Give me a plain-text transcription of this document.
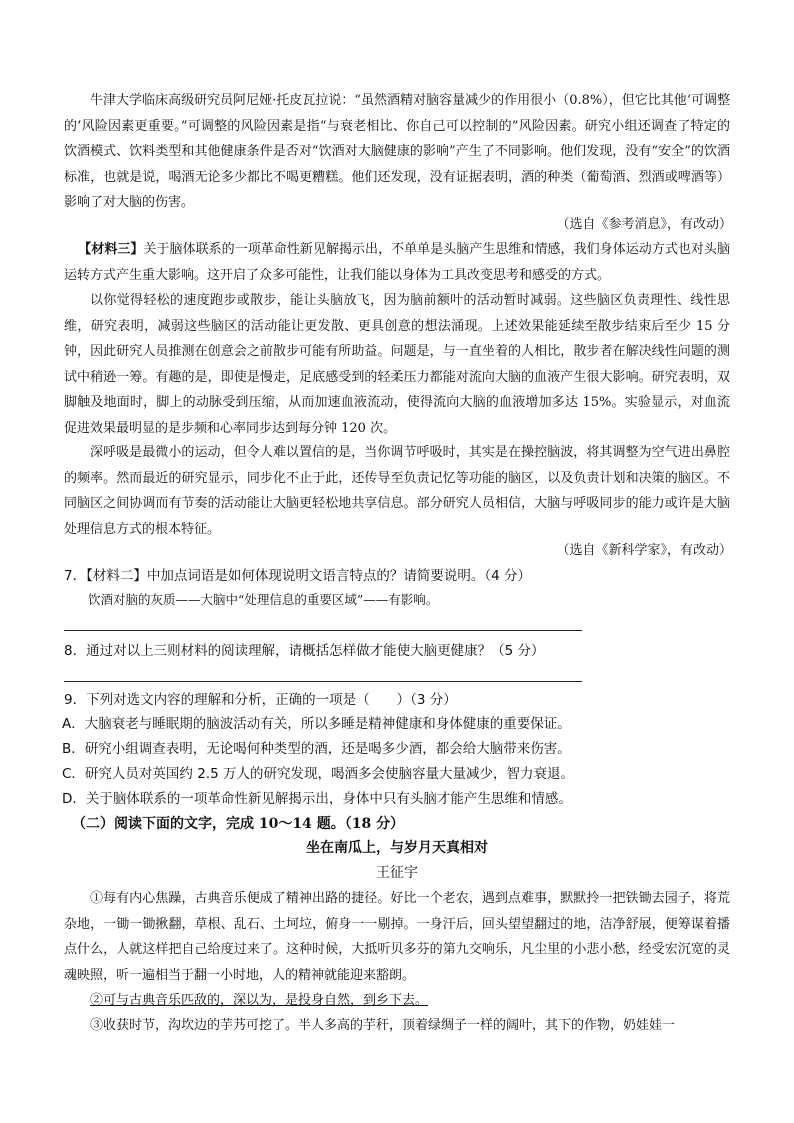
牛津大学临床高级研究员阿尼娅·托皮瓦拉说：“虽然酒精对脑容量减少的作用很小（0.8%），但它比其他‘可调整的’风险因素更重要。”可调整的风险因素是指“与衰老相比、你自己可以控制的”风险因素。研究小组还调查了特定的饮酒模式、饮料类型和其他健康条件是否对“饮酒对大脑健康的影响”产生了不同影响。他们发现，没有“安全”的饮酒标准，也就是说，喝酒无论多少都比不喝更糟糕。他们还发现，没有证据表明，酒的种类（葡萄酒、烈酒或啤酒等）影响了对大脑的伤害。

（选自《参考消息》，有改动）

【材料三】关于脑体联系的一项革命性新见解揭示出，不单单是头脑产生思维和情感，我们身体运动方式也对头脑运转方式产生重大影响。这开启了众多可能性，让我们能以身体为工具改变思考和感受的方式。

以你觉得轻松的速度跑步或散步，能让头脑放飞，因为脑前额叶的活动暂时减弱。这些脑区负责理性、线性思维，研究表明，减弱这些脑区的活动能让更发散、更具创意的想法涌现。上述效果能延续至散步结束后至少 15 分钟，因此研究人员推测在创意会之前散步可能有所助益。问题是，与一直坐着的人相比，散步者在解决线性问题的测试中稍逊一筹。有趣的是，即使是慢走，足底感受到的轻柔压力都能对流向大脑的血液产生很大影响。研究表明，双脚触及地面时，脚上的动脉受到压缩，从而加速血液流动，使得流向大脑的血液增加多达 15%。实验显示，对血流促进效果最明显的是步频和心率同步达到每分钟 120 次。

深呼吸是最微小的运动，但令人难以置信的是，当你调节呼吸时，其实是在操控脑波，将其调整为空气进出鼻腔的频率。然而最近的研究显示，同步化不止于此，还传导至负责记忆等功能的脑区，以及负责计划和决策的脑区。不同脑区之间协调而有节奏的活动能让大脑更轻松地共享信息。部分研究人员相信，大脑与呼吸同步的能力或许是大脑处理信息方式的根本特征。

（选自《新科学家》，有改动）

7．【材料二】中加点词语是如何体现说明文语言特点的？请简要说明。（4 分）

饮酒对脑的灰质——大脑中“处理信息的重要区域”——有影响。

8．通过对以上三则材料的阅读理解，请概括怎样做才能使大脑更健康？（5 分）

9．下列对选文内容的理解和分析，正确的一项是（　　）（3 分）

A．大脑衰老与睡眠期的脑波活动有关，所以多睡是精神健康和身体健康的重要保证。

B．研究小组调查表明，无论喝何种类型的酒，还是喝多少酒，都会给大脑带来伤害。

C．研究人员对英国约 2.5 万人的研究发现，喝酒多会使脑容量大量减少，智力衰退。

D．关于脑体联系的一项革命性新见解揭示出，身体中只有头脑才能产生思维和情感。

（二）阅读下面的文字，完成 10～14 题。（18 分）

坐在南瓜上，与岁月天真相对

王征宇

①每有内心焦躁，古典音乐便成了精神出路的捷径。好比一个老农，遇到点难事，默默拎一把铁锄去园子，将荒杂地，一锄一锄揪翻，草根、乱石、土坷垃，俯身一一剔掉。一身汗后，回头望望翻过的地，洁净舒展，便筹谋着播点什么，人就这样把自己给度过来了。这种时候，大抵听贝多芬的第九交响乐，凡尘里的小悲小愁，经受宏沉宽的灵魂映照，听一遍相当于翻一小时地，人的精神就能迎来豁朗。

②可与古典音乐匹敌的，深以为，是投身自然，到乡下去。

③收获时节，沟坎边的芋艿可挖了。半人多高的芋秆，顶着绿绸子一样的阔叶，其下的作物，奶娃娃一
